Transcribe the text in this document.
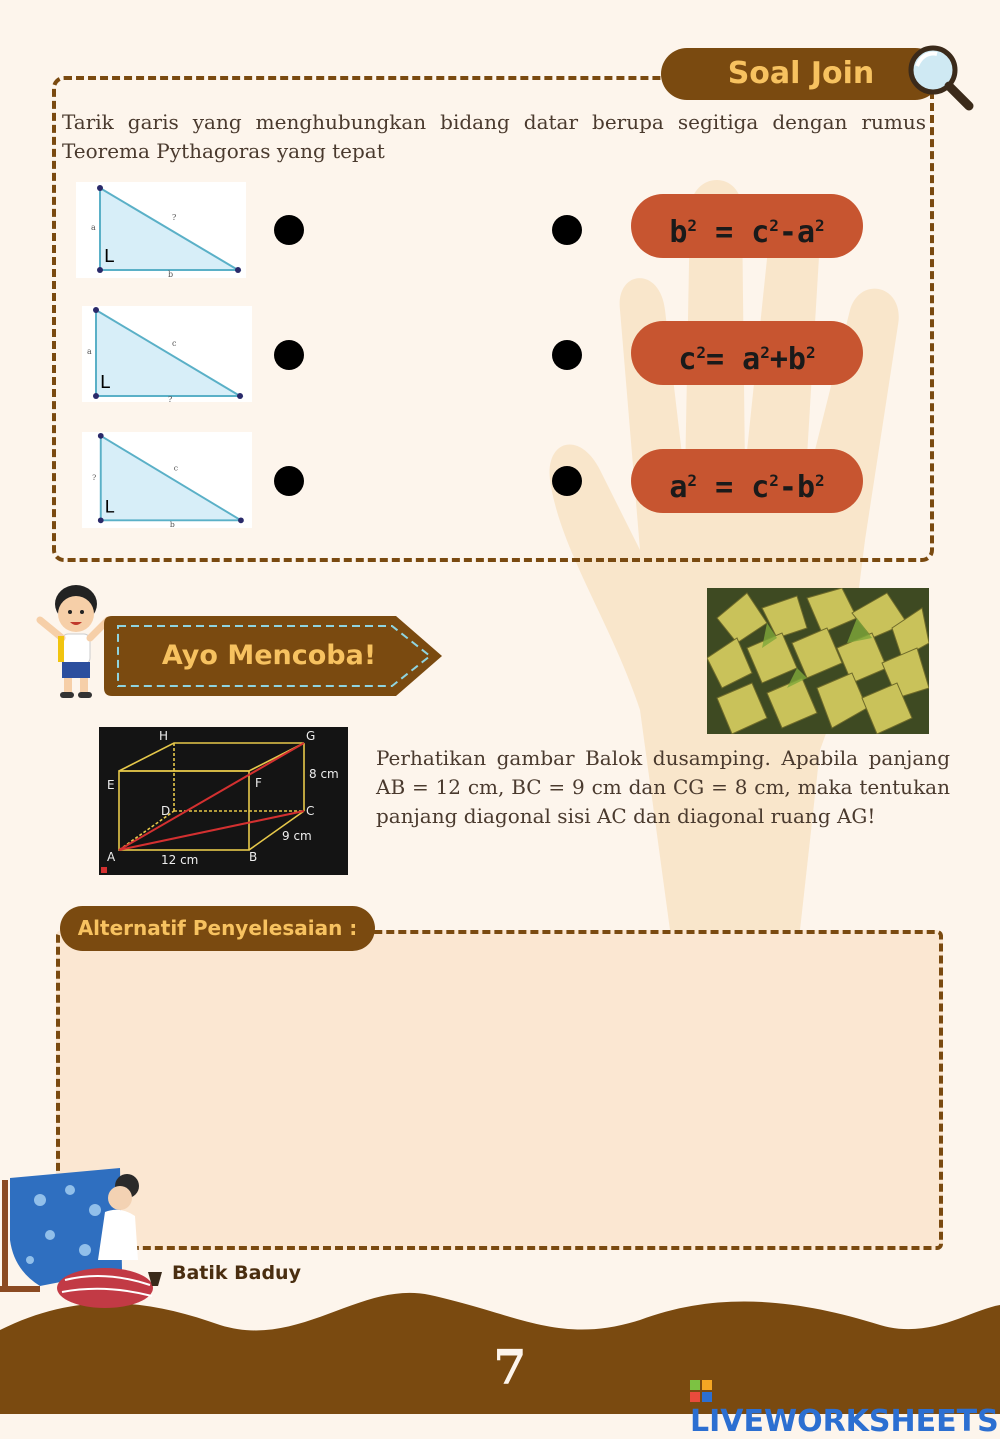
Soal Join
Tarik garis yang menghubungkan bidang datar berupa segitiga dengan rumus Teorema Pythagoras yang tepat
L
a
?
b
L
a
c
?
L
?
c
b
$b^2 = c^2-a^2$
$c^2= a^2+b^2$
$a^2 = c^2-b^2$
Ayo Mencoba!
H	G
E	F
D	C
A	B
8 cm
9 cm
12 cm
Perhatikan gambar Balok dusamping. Apabila panjang AB = 12 cm, BC = 9 cm dan CG = 8 cm, maka tentukan panjang diagonal sisi AC dan diagonal ruang AG!
Alternatif Penyelesaian :
Batik Baduy
7
LIVEWORKSHEETS
